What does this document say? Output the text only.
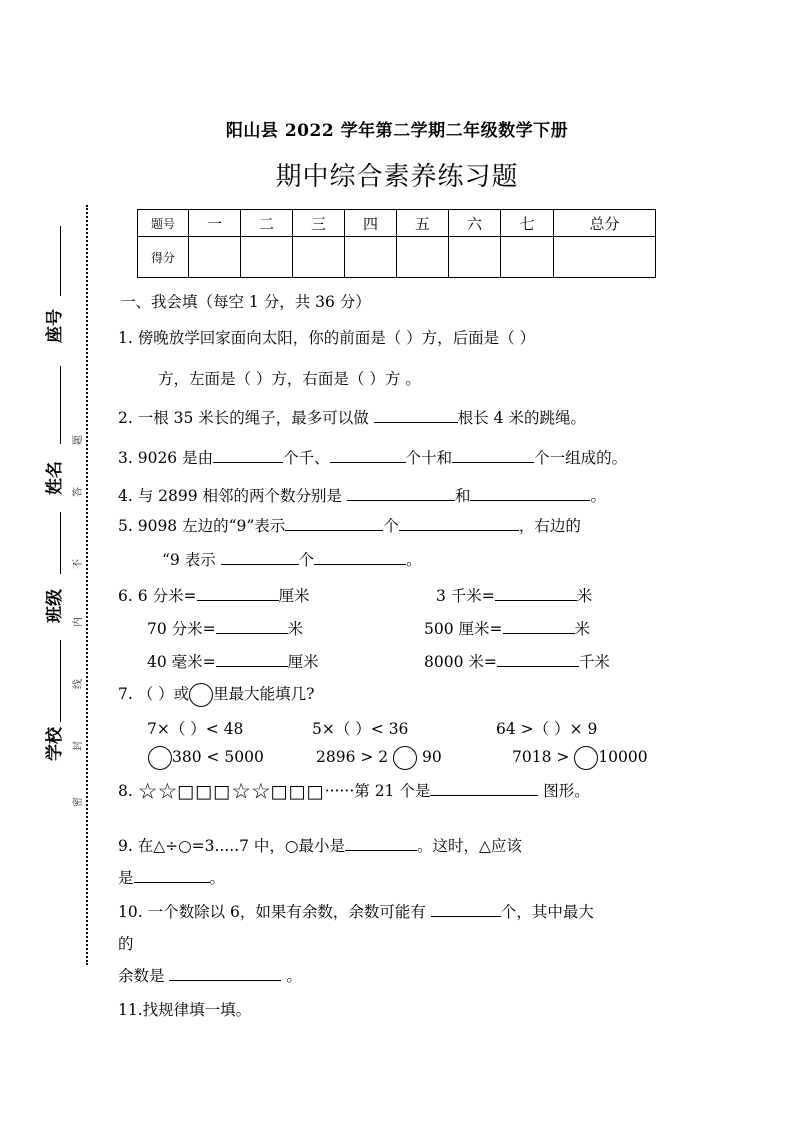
阳山县 2022 学年第二学期二年级数学下册
期中综合素养练习题
座号
姓名
班级
学校
题
答
不
内
线
封
密
题号	一	二	三	四	五	六	七	总分
得分								
一、我会填（每空 1 分，共 36 分）
1. 傍晚放学回家面向太阳，你的前面是（ ）方，后面是（ ）
方，左面是（ ）方，右面是（ ）方 。
2. 一根 35 米长的绳子，最多可以做	根长 4 米的跳绳。
3. 9026 是由	个千、	个十和	个一组成的。
4. 与 2899 相邻的两个数分别是	和	。
5. 9098 左边的“9”表示	个	，右边的
“9 表示	个	。
6. 6 分米=	厘米	3 千米=	米
70 分米=	米	500 厘米=	米
40 毫米=	厘米	8000 米=	千米
7. （ ）或 里最大能填几?
7×（ ）< 48	5×（ ）< 36	64 >（ ）× 9
380 < 5000	2896 > 2 90	7018 > 10000
8. ☆☆□□□☆☆□□□······第 21 个是	图形。
9. 在△÷○=3.....7 中，○最小是	。这时，△应该
是	。
10. 一个数除以 6，如果有余数，余数可能有	个，其中最大
的
余数是	。
11.找规律填一填。
